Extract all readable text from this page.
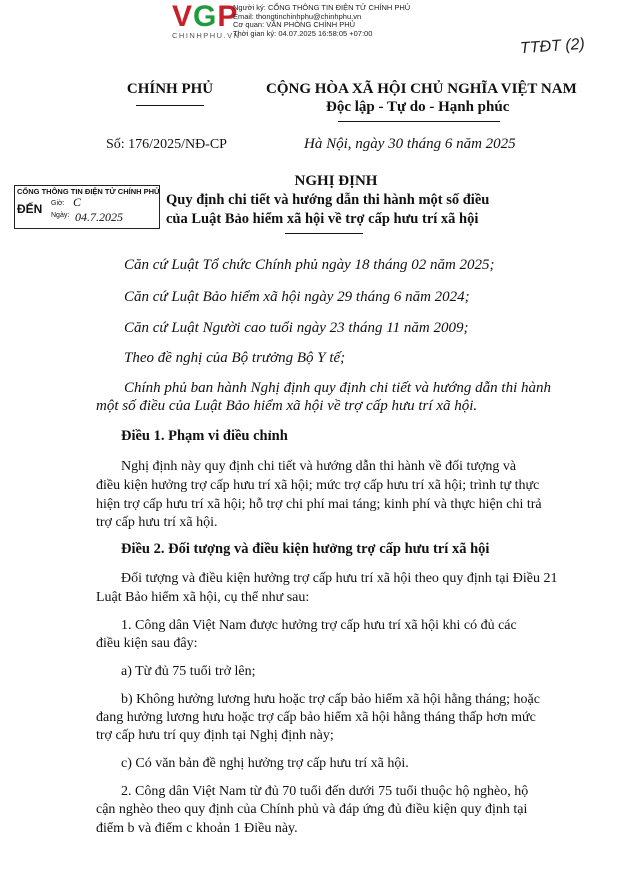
VGP
CHINHPHU.VN
Người ký: CỔNG THÔNG TIN ĐIỆN TỬ CHÍNH PHỦ
Email: thongtinchinhphu@chinhphu.vn
Cơ quan: VĂN PHÒNG CHÍNH PHỦ
Thời gian ký: 04.07.2025 16:58:05 +07:00
TTĐT (2)
CHÍNH PHỦ
Số: 176/2025/NĐ-CP
CỘNG HÒA XÃ HỘI CHỦ NGHĨA VIỆT NAM
Độc lập - Tự do - Hạnh phúc
Hà Nội, ngày 30 tháng 6 năm 2025
CỔNG THÔNG TIN ĐIỆN TỬ CHÍNH PHỦ
ĐẾN Giờ: C
Ngày: 04.7.2025
NGHỊ ĐỊNH
Quy định chi tiết và hướng dẫn thi hành một số điều
của Luật Bảo hiểm xã hội về trợ cấp hưu trí xã hội
Căn cứ Luật Tổ chức Chính phủ ngày 18 tháng 02 năm 2025;
Căn cứ Luật Bảo hiểm xã hội ngày 29 tháng 6 năm 2024;
Căn cứ Luật Người cao tuổi ngày 23 tháng 11 năm 2009;
Theo đề nghị của Bộ trưởng Bộ Y tế;
Chính phủ ban hành Nghị định quy định chi tiết và hướng dẫn thi hành
một số điều của Luật Bảo hiểm xã hội về trợ cấp hưu trí xã hội.
Điều 1. Phạm vi điều chỉnh
Nghị định này quy định chi tiết và hướng dẫn thi hành về đối tượng và
điều kiện hưởng trợ cấp hưu trí xã hội; mức trợ cấp hưu trí xã hội; trình tự thực
hiện trợ cấp hưu trí xã hội; hỗ trợ chi phí mai táng; kinh phí và thực hiện chi trả
trợ cấp hưu trí xã hội.
Điều 2. Đối tượng và điều kiện hưởng trợ cấp hưu trí xã hội
Đối tượng và điều kiện hưởng trợ cấp hưu trí xã hội theo quy định tại Điều 21
Luật Bảo hiểm xã hội, cụ thể như sau:
1. Công dân Việt Nam được hưởng trợ cấp hưu trí xã hội khi có đủ các
điều kiện sau đây:
a) Từ đủ 75 tuổi trở lên;
b) Không hưởng lương hưu hoặc trợ cấp bảo hiểm xã hội hằng tháng; hoặc
đang hưởng lương hưu hoặc trợ cấp bảo hiểm xã hội hằng tháng thấp hơn mức
trợ cấp hưu trí quy định tại Nghị định này;
c) Có văn bản đề nghị hưởng trợ cấp hưu trí xã hội.
2. Công dân Việt Nam từ đủ 70 tuổi đến dưới 75 tuổi thuộc hộ nghèo, hộ
cận nghèo theo quy định của Chính phủ và đáp ứng đủ điều kiện quy định tại
điểm b và điểm c khoản 1 Điều này.
